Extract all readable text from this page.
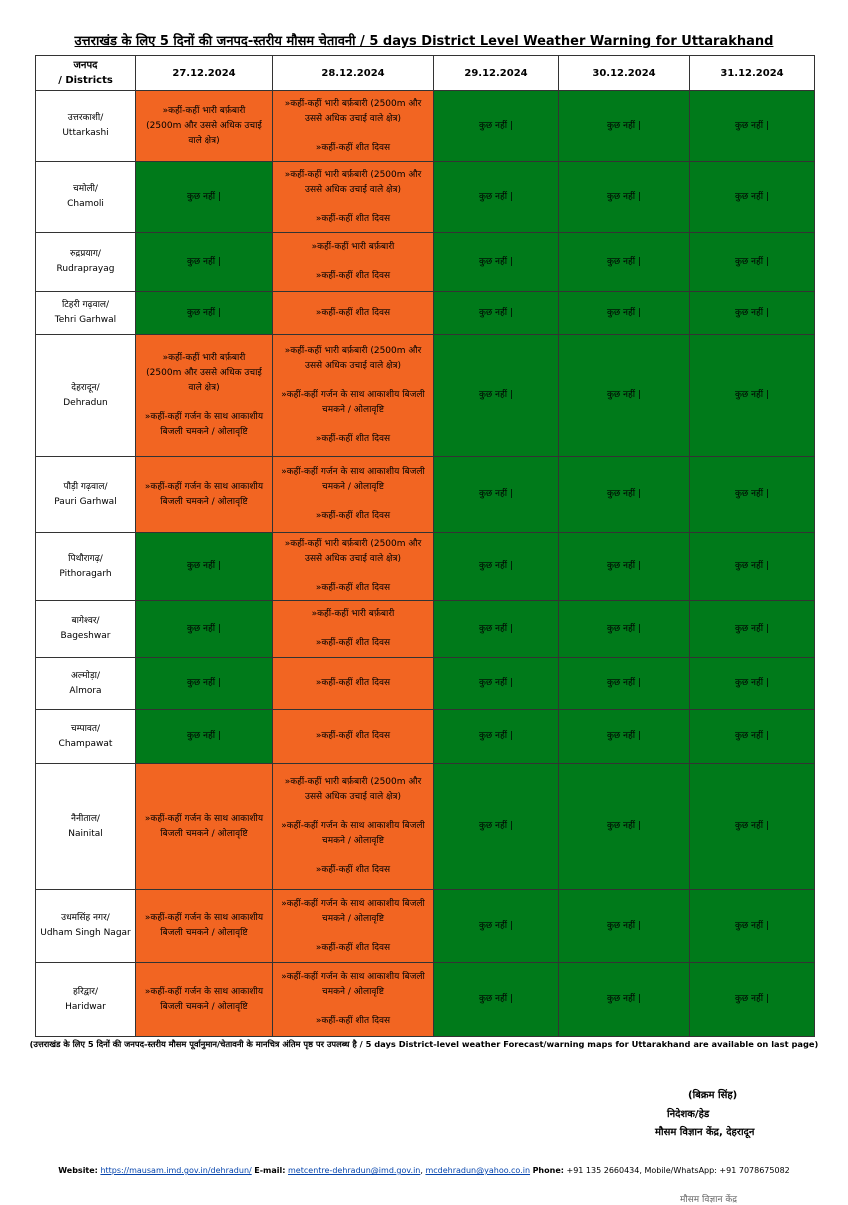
उत्तराखंड के लिए 5 दिनों की जनपद-स्तरीय मौसम चेतावनी / 5 days District Level Weather Warning for Uttarakhand
जनपद
/ Districts	27.12.2024	28.12.2024	29.12.2024	30.12.2024	31.12.2024

उत्तरकाशी/
Uttarkashi	»कहीं-कहीं भारी बर्फ़बारी
(2500m और उससे अधिक उचाई वाले क्षेत्र)	»कहीं-कहीं भारी बर्फ़बारी (2500m और उससे अधिक उचाई वाले क्षेत्र)
»कहीं-कहीं शीत दिवस	कुछ नहीं |	कुछ नहीं |	कुछ नहीं |

चमोली/
Chamoli	कुछ नहीं |	»कहीं-कहीं भारी बर्फ़बारी (2500m और उससे अधिक उचाई वाले क्षेत्र)
»कहीं-कहीं शीत दिवस	कुछ नहीं |	कुछ नहीं |	कुछ नहीं |

रुद्रप्रयाग/
Rudraprayag	कुछ नहीं |	»कहीं-कहीं भारी बर्फ़बारी
»कहीं-कहीं शीत दिवस	कुछ नहीं |	कुछ नहीं |	कुछ नहीं |

टिहरी गढ़वाल/
Tehri Garhwal	कुछ नहीं |	»कहीं-कहीं शीत दिवस	कुछ नहीं |	कुछ नहीं |	कुछ नहीं |

देहरादून/
Dehradun	»कहीं-कहीं भारी बर्फ़बारी
(2500m और उससे अधिक उचाई वाले क्षेत्र)
»कहीं-कहीं गर्जन के साथ आकाशीय बिजली चमकने / ओलावृष्टि	»कहीं-कहीं भारी बर्फ़बारी (2500m और उससे अधिक उचाई वाले क्षेत्र)
»कहीं-कहीं गर्जन के साथ आकाशीय बिजली चमकने / ओलावृष्टि
»कहीं-कहीं शीत दिवस	कुछ नहीं |	कुछ नहीं |	कुछ नहीं |

पौड़ी गढ़वाल/
Pauri Garhwal	»कहीं-कहीं गर्जन के साथ आकाशीय बिजली चमकने / ओलावृष्टि	»कहीं-कहीं गर्जन के साथ आकाशीय बिजली चमकने / ओलावृष्टि
»कहीं-कहीं शीत दिवस	कुछ नहीं |	कुछ नहीं |	कुछ नहीं |

पिथौरागढ़/
Pithoragarh	कुछ नहीं |	»कहीं-कहीं भारी बर्फ़बारी (2500m और उससे अधिक उचाई वाले क्षेत्र)
»कहीं-कहीं शीत दिवस	कुछ नहीं |	कुछ नहीं |	कुछ नहीं |

बागेश्वर/
Bageshwar	कुछ नहीं |	»कहीं-कहीं भारी बर्फ़बारी
»कहीं-कहीं शीत दिवस	कुछ नहीं |	कुछ नहीं |	कुछ नहीं |

अल्मोड़ा/
Almora	कुछ नहीं |	»कहीं-कहीं शीत दिवस	कुछ नहीं |	कुछ नहीं |	कुछ नहीं |

चम्पावत/
Champawat	कुछ नहीं |	»कहीं-कहीं शीत दिवस	कुछ नहीं |	कुछ नहीं |	कुछ नहीं |

नैनीताल/
Nainital	»कहीं-कहीं गर्जन के साथ आकाशीय बिजली चमकने / ओलावृष्टि	»कहीं-कहीं भारी बर्फ़बारी (2500m और उससे अधिक उचाई वाले क्षेत्र)
»कहीं-कहीं गर्जन के साथ आकाशीय बिजली चमकने / ओलावृष्टि
»कहीं-कहीं शीत दिवस	कुछ नहीं |	कुछ नहीं |	कुछ नहीं |

उधमसिंह नगर/
Udham Singh Nagar	»कहीं-कहीं गर्जन के साथ आकाशीय बिजली चमकने / ओलावृष्टि	»कहीं-कहीं गर्जन के साथ आकाशीय बिजली चमकने / ओलावृष्टि
»कहीं-कहीं शीत दिवस	कुछ नहीं |	कुछ नहीं |	कुछ नहीं |

हरिद्वार/
Haridwar	»कहीं-कहीं गर्जन के साथ आकाशीय बिजली चमकने / ओलावृष्टि	»कहीं-कहीं गर्जन के साथ आकाशीय बिजली चमकने / ओलावृष्टि
»कहीं-कहीं शीत दिवस	कुछ नहीं |	कुछ नहीं |	कुछ नहीं |
(उत्तराखंड के लिए 5 दिनों की जनपद-स्तरीय मौसम पूर्वानुमान/चेतावनी के मानचित्र अंतिम पृष्ठ पर उपलब्ध है / 5 days District-level weather Forecast/warning maps for Uttarakhand are available on last page)
(बिक्रम सिंह)
निदेशक/हेड
मौसम विज्ञान केंद्र, देहरादून
Website: https://mausam.imd.gov.in/dehradun/ E-mail: metcentre-dehradun@imd.gov.in, mcdehradun@yahoo.co.in Phone: +91 135 2660434, Mobile/WhatsApp: +91 7078675082
मौसम विज्ञान केंद्र
